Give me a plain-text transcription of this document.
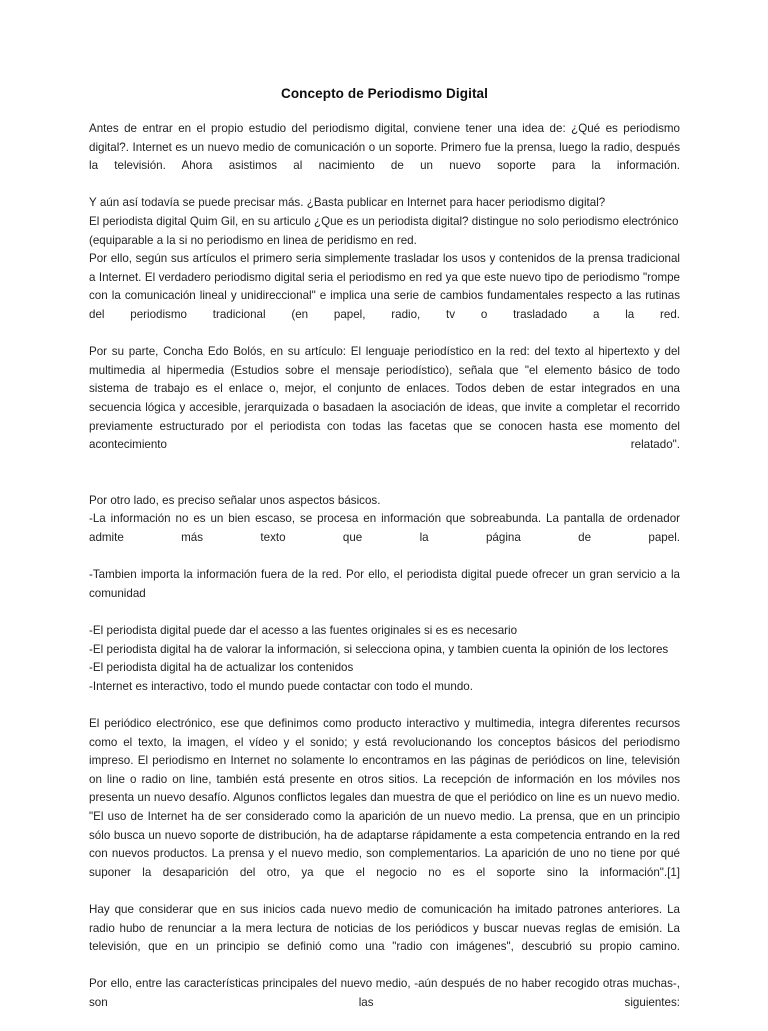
Concepto de Periodismo Digital

Antes de entrar en el propio estudio del periodismo digital, conviene tener una idea de: ¿Qué es periodismo digital?. Internet es un nuevo medio de comunicación o un soporte. Primero fue la prensa, luego la radio, después la televisión. Ahora asistimos al nacimiento de un nuevo soporte para la información.

Y aún así todavía se puede precisar más. ¿Basta publicar en Internet para hacer periodismo digital?

El periodista digital Quim Gil, en su articulo ¿Que es un periodista digital? distingue no solo periodismo electrónico (equiparable a la si no periodismo en linea de peridismo en red.

Por ello, según sus artículos el primero seria simplemente trasladar los usos y contenidos de la prensa tradicional a Internet. El verdadero periodismo digital seria el periodismo en red ya que este nuevo tipo de periodismo "rompe con la comunicación lineal y unidireccional" e implica una serie de cambios fundamentales respecto a las rutinas del periodismo tradicional (en papel, radio, tv o trasladado a la red.

Por su parte, Concha Edo Bolós, en su artículo: El lenguaje periodístico en la red: del texto al hipertexto y del multimedia al hipermedia (Estudios sobre el mensaje periodístico), señala que "el elemento básico de todo sistema de trabajo es el enlace o, mejor, el conjunto de enlaces. Todos deben de estar integrados en una secuencia lógica y accesible, jerarquizada o basadaen la asociación de ideas, que invite a completar el recorrido previamente estructurado por el periodista con todas las facetas que se conocen hasta ese momento del acontecimiento relatado".

Por otro lado, es preciso señalar unos aspectos básicos.

-La información no es un bien escaso, se procesa en información que sobreabunda. La pantalla de ordenador admite más texto que la página de papel.

-Tambien importa la información fuera de la red. Por ello, el periodista digital puede ofrecer un gran servicio a la comunidad

-El periodista digital puede dar el acesso a las fuentes originales si es es necesario

-El periodista digital ha de valorar la información, si selecciona opina, y tambien cuenta la opinión de los lectores

-El periodista digital ha de actualizar los contenidos

-Internet es interactivo, todo el mundo puede contactar con todo el mundo.

El periódico electrónico, ese que definimos como producto interactivo y multimedia, integra diferentes recursos como el texto, la imagen, el vídeo y el sonido; y está revolucionando los conceptos básicos del periodismo impreso. El periodismo en Internet no solamente lo encontramos en las páginas de periódicos on line, televisión on line o radio on line, también está presente en otros sitios. La recepción de información en los móviles nos presenta un nuevo desafío. Algunos conflictos legales dan muestra de que el periódico on line es un nuevo medio. "El uso de Internet ha de ser considerado como la aparición de un nuevo medio. La prensa, que en un principio sólo busca un nuevo soporte de distribución, ha de adaptarse rápidamente a esta competencia entrando en la red con nuevos productos. La prensa y el nuevo medio, son complementarios. La aparición de uno no tiene por qué suponer la desaparición del otro, ya que el negocio no es el soporte sino la información".[1]

Hay que considerar que en sus inicios cada nuevo medio de comunicación ha imitado patrones anteriores. La radio hubo de renunciar a la mera lectura de noticias de los periódicos y buscar nuevas reglas de emisión. La televisión, que en un principio se definió como una "radio con imágenes", descubrió su propio camino.

Por ello, entre las características principales del nuevo medio, -aún después de no haber recogido otras muchas-, son las siguientes:
